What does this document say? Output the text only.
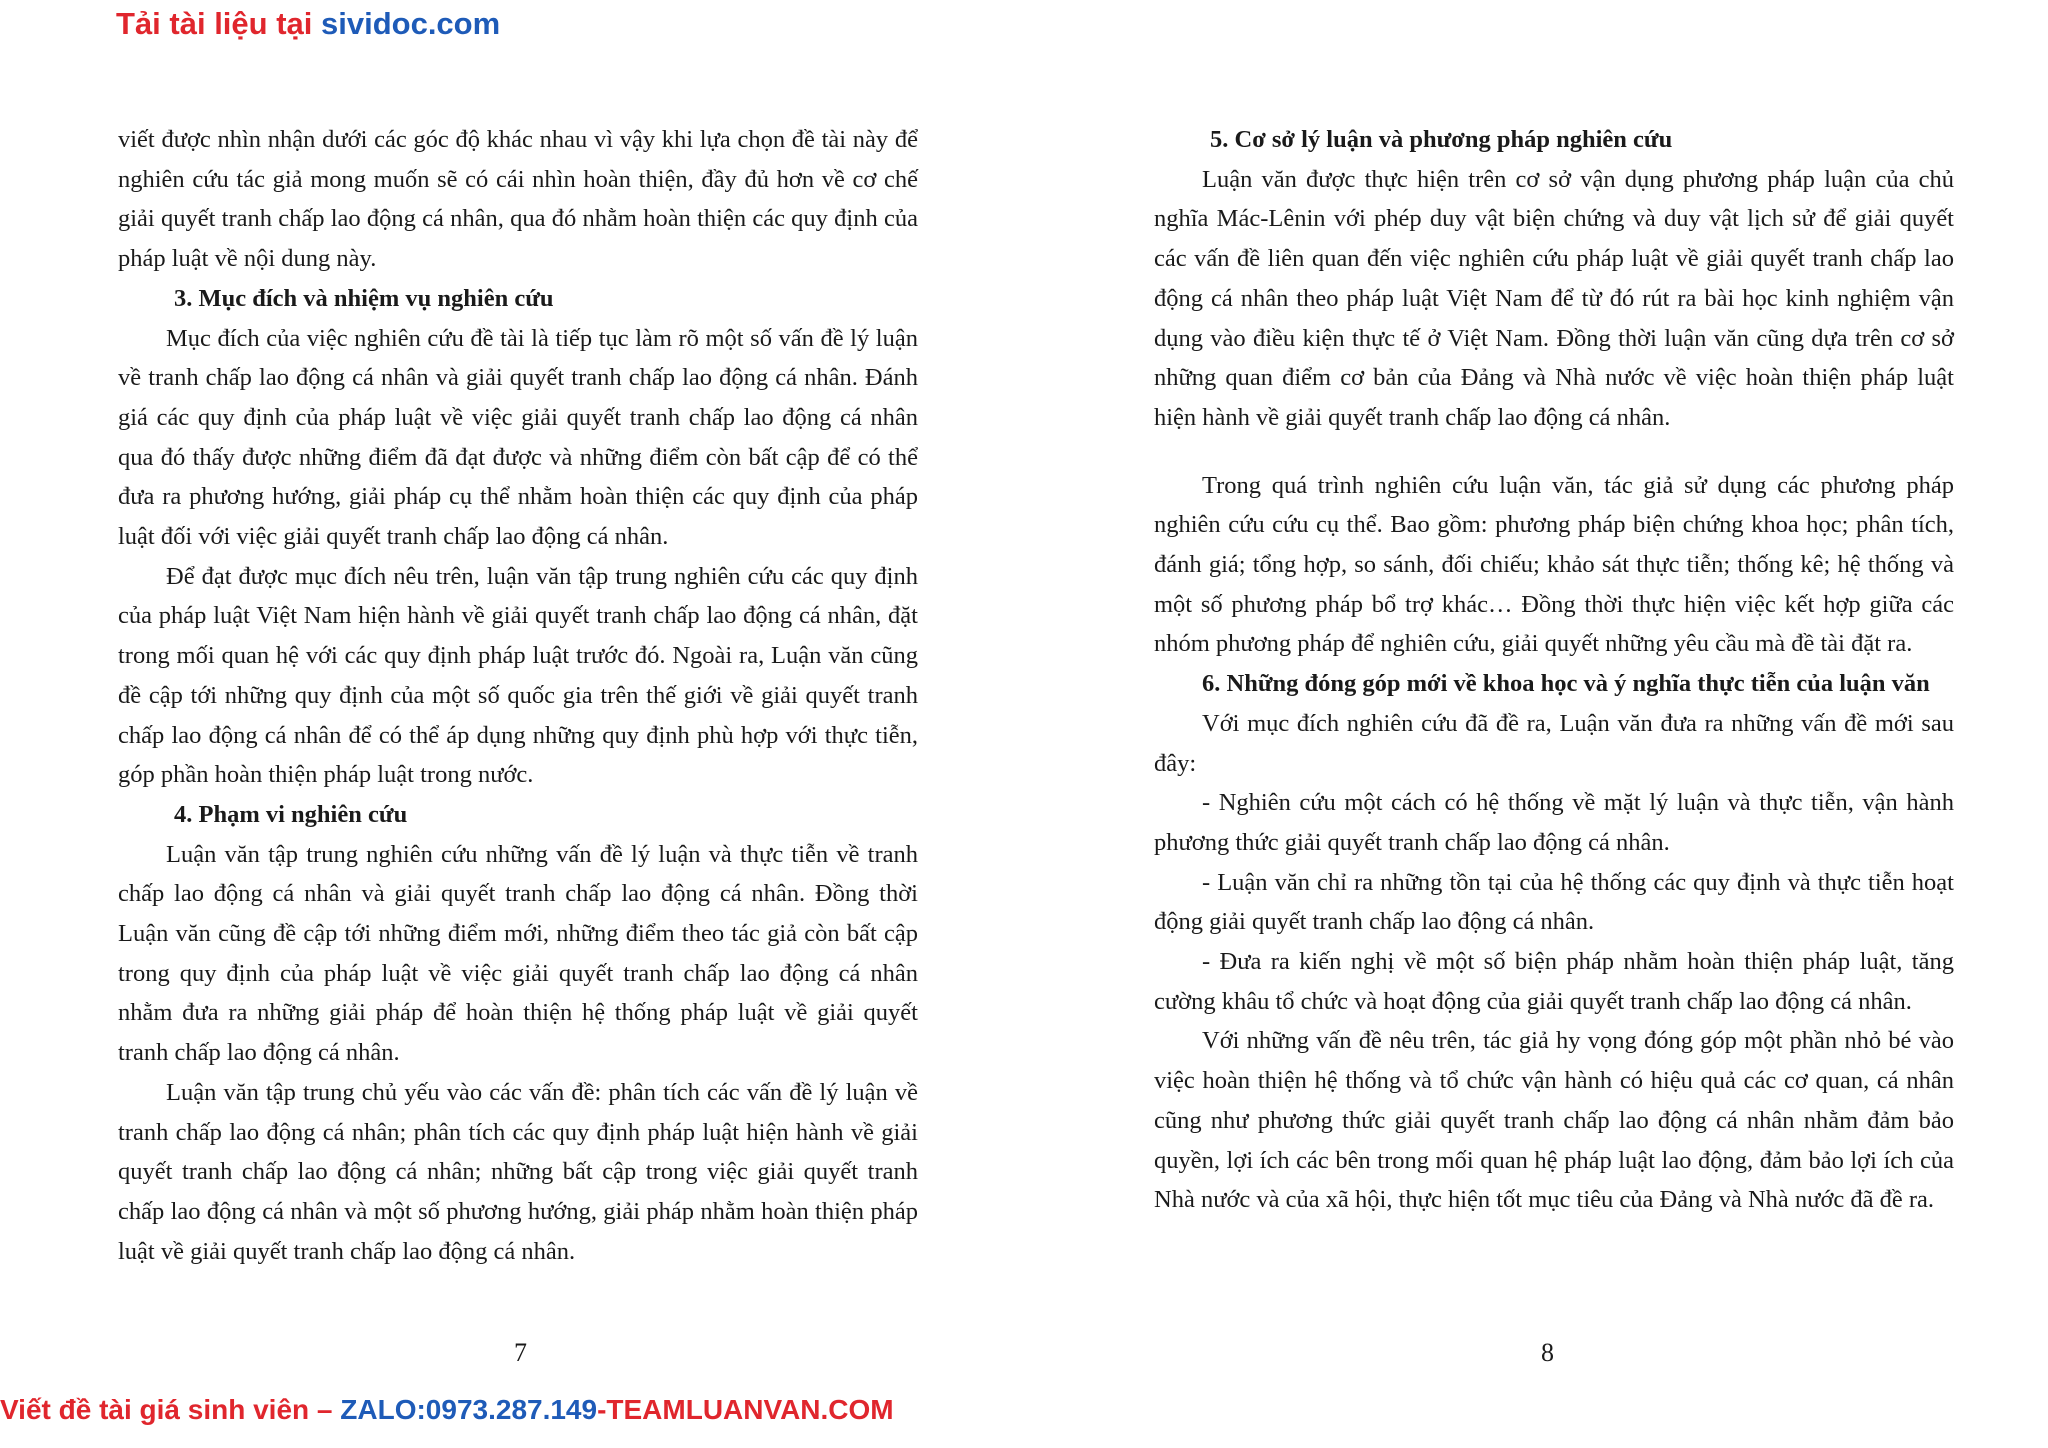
Tải tài liệu tại sividoc.com

viết được nhìn nhận dưới các góc độ khác nhau vì vậy khi lựa chọn đề tài này để nghiên cứu tác giả mong muốn sẽ có cái nhìn hoàn thiện, đầy đủ hơn về cơ chế giải quyết tranh chấp lao động cá nhân, qua đó nhằm hoàn thiện các quy định của pháp luật về nội dung này.

3. Mục đích và nhiệm vụ nghiên cứu

Mục đích của việc nghiên cứu đề tài là tiếp tục làm rõ một số vấn đề lý luận về tranh chấp lao động cá nhân và giải quyết tranh chấp lao động cá nhân. Đánh giá các quy định của pháp luật về việc giải quyết tranh chấp lao động cá nhân qua đó thấy được những điểm đã đạt được và những điểm còn bất cập để có thể đưa ra phương hướng, giải pháp cụ thể nhằm hoàn thiện các quy định của pháp luật đối với việc giải quyết tranh chấp lao động cá nhân.

Để đạt được mục đích nêu trên, luận văn tập trung nghiên cứu các quy định của pháp luật Việt Nam hiện hành về giải quyết tranh chấp lao động cá nhân, đặt trong mối quan hệ với các quy định pháp luật trước đó. Ngoài ra, Luận văn cũng đề cập tới những quy định của một số quốc gia trên thế giới về giải quyết tranh chấp lao động cá nhân để có thể áp dụng những quy định phù hợp với thực tiễn, góp phần hoàn thiện pháp luật trong nước.

4. Phạm vi nghiên cứu

Luận văn tập trung nghiên cứu những vấn đề lý luận và thực tiễn về tranh chấp lao động cá nhân và giải quyết tranh chấp lao động cá nhân. Đồng thời Luận văn cũng đề cập tới những điểm mới, những điểm theo tác giả còn bất cập trong quy định của pháp luật về việc giải quyết tranh chấp lao động cá nhân nhằm đưa ra những giải pháp để hoàn thiện hệ thống pháp luật về giải quyết tranh chấp lao động cá nhân.

Luận văn tập trung chủ yếu vào các vấn đề: phân tích các vấn đề lý luận về tranh chấp lao động cá nhân; phân tích các quy định pháp luật hiện hành về giải quyết tranh chấp lao động cá nhân; những bất cập trong việc giải quyết tranh chấp lao động cá nhân và một số phương hướng, giải pháp nhằm hoàn thiện pháp luật về giải quyết tranh chấp lao động cá nhân.

7

5. Cơ sở lý luận và phương pháp nghiên cứu

Luận văn được thực hiện trên cơ sở vận dụng phương pháp luận của chủ nghĩa Mác-Lênin với phép duy vật biện chứng và duy vật lịch sử để giải quyết các vấn đề liên quan đến việc nghiên cứu pháp luật về giải quyết tranh chấp lao động cá nhân theo pháp luật Việt Nam để từ đó rút ra bài học kinh nghiệm vận dụng vào điều kiện thực tế ở Việt Nam. Đồng thời luận văn cũng dựa trên cơ sở những quan điểm cơ bản của Đảng và Nhà nước về việc hoàn thiện pháp luật hiện hành về giải quyết tranh chấp lao động cá nhân.

Trong quá trình nghiên cứu luận văn, tác giả sử dụng các phương pháp nghiên cứu cứu cụ thể. Bao gồm: phương pháp biện chứng khoa học; phân tích, đánh giá; tổng hợp, so sánh, đối chiếu; khảo sát thực tiễn; thống kê; hệ thống và một số phương pháp bổ trợ khác… Đồng thời thực hiện việc kết hợp giữa các nhóm phương pháp để nghiên cứu, giải quyết những yêu cầu mà đề tài đặt ra.

6. Những đóng góp mới về khoa học và ý nghĩa thực tiễn của luận văn

Với mục đích nghiên cứu đã đề ra, Luận văn đưa ra những vấn đề mới sau đây:

- Nghiên cứu một cách có hệ thống về mặt lý luận và thực tiễn, vận hành phương thức giải quyết tranh chấp lao động cá nhân.

- Luận văn chỉ ra những tồn tại của hệ thống các quy định và thực tiễn hoạt động giải quyết tranh chấp lao động cá nhân.

- Đưa ra kiến nghị về một số biện pháp nhằm hoàn thiện pháp luật, tăng cường khâu tổ chức và hoạt động của giải quyết tranh chấp lao động cá nhân.

Với những vấn đề nêu trên, tác giả hy vọng đóng góp một phần nhỏ bé vào việc hoàn thiện hệ thống và tổ chức vận hành có hiệu quả các cơ quan, cá nhân cũng như phương thức giải quyết tranh chấp lao động cá nhân nhằm đảm bảo quyền, lợi ích các bên trong mối quan hệ pháp luật lao động, đảm bảo lợi ích của Nhà nước và của xã hội, thực hiện tốt mục tiêu của Đảng và Nhà nước đã đề ra.

8
Viết đề tài giá sinh viên – ZALO:0973.287.149-TEAMLUANVAN.COM
